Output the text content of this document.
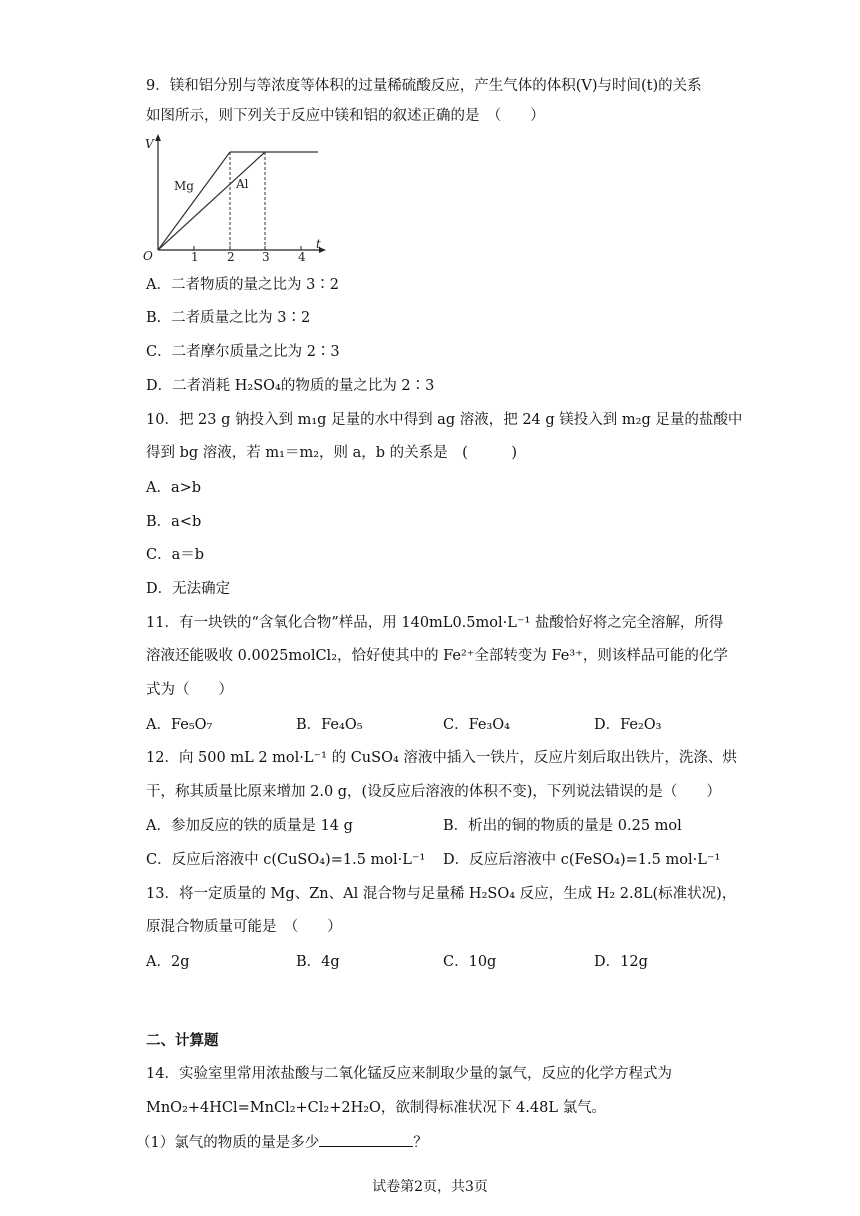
9．镁和铝分别与等浓度等体积的过量稀硫酸反应，产生气体的体积(V)与时间(t)的关系
如图所示，则下列关于反应中镁和铝的叙述正确的是　（　　）
V
O
t
1 2 3 4
Mg	Al
A．二者物质的量之比为 3∶2
B．二者质量之比为 3∶2
C．二者摩尔质量之比为 2∶3
D．二者消耗 H₂SO₄的物质的量之比为 2∶3
10．把 23 g 钠投入到 m₁g 足量的水中得到 ag 溶液，把 24 g 镁投入到 m₂g 足量的盐酸中
得到 bg 溶液，若 m₁＝m₂，则 a，b 的关系是　(　　　)
A．a>b
B．a<b
C．a＝b
D．无法确定
11．有一块铁的“含氧化合物”样品，用 140mL0.5mol·L⁻¹ 盐酸恰好将之完全溶解，所得
溶液还能吸收 0.0025molCl₂，恰好使其中的 Fe²⁺全部转变为 Fe³⁺，则该样品可能的化学
式为（　　）
A．Fe₅O₇	B．Fe₄O₅	C．Fe₃O₄	D．Fe₂O₃
12．向 500 mL 2 mol·L⁻¹ 的 CuSO₄ 溶液中插入一铁片，反应片刻后取出铁片，洗涤、烘
干，称其质量比原来增加 2.0 g，(设反应后溶液的体积不变)，下列说法错误的是（　　）
A．参加反应的铁的质量是 14 g	B．析出的铜的物质的量是 0.25 mol
C．反应后溶液中 c(CuSO₄)=1.5 mol·L⁻¹ D．反应后溶液中 c(FeSO₄)=1.5 mol·L⁻¹
13．将一定质量的 Mg、Zn、Al 混合物与足量稀 H₂SO₄ 反应，生成 H₂ 2.8L(标准状况)，
原混合物质量可能是　（　　）
A．2g	B．4g	C．10g	D．12g
二、计算题
14．实验室里常用浓盐酸与二氧化锰反应来制取少量的氯气，反应的化学方程式为
MnO₂+4HCl=MnCl₂+Cl₂+2H₂O，欲制得标准状况下 4.48L 氯气。
（1）氯气的物质的量是多少	？
试卷第2页，共3页
